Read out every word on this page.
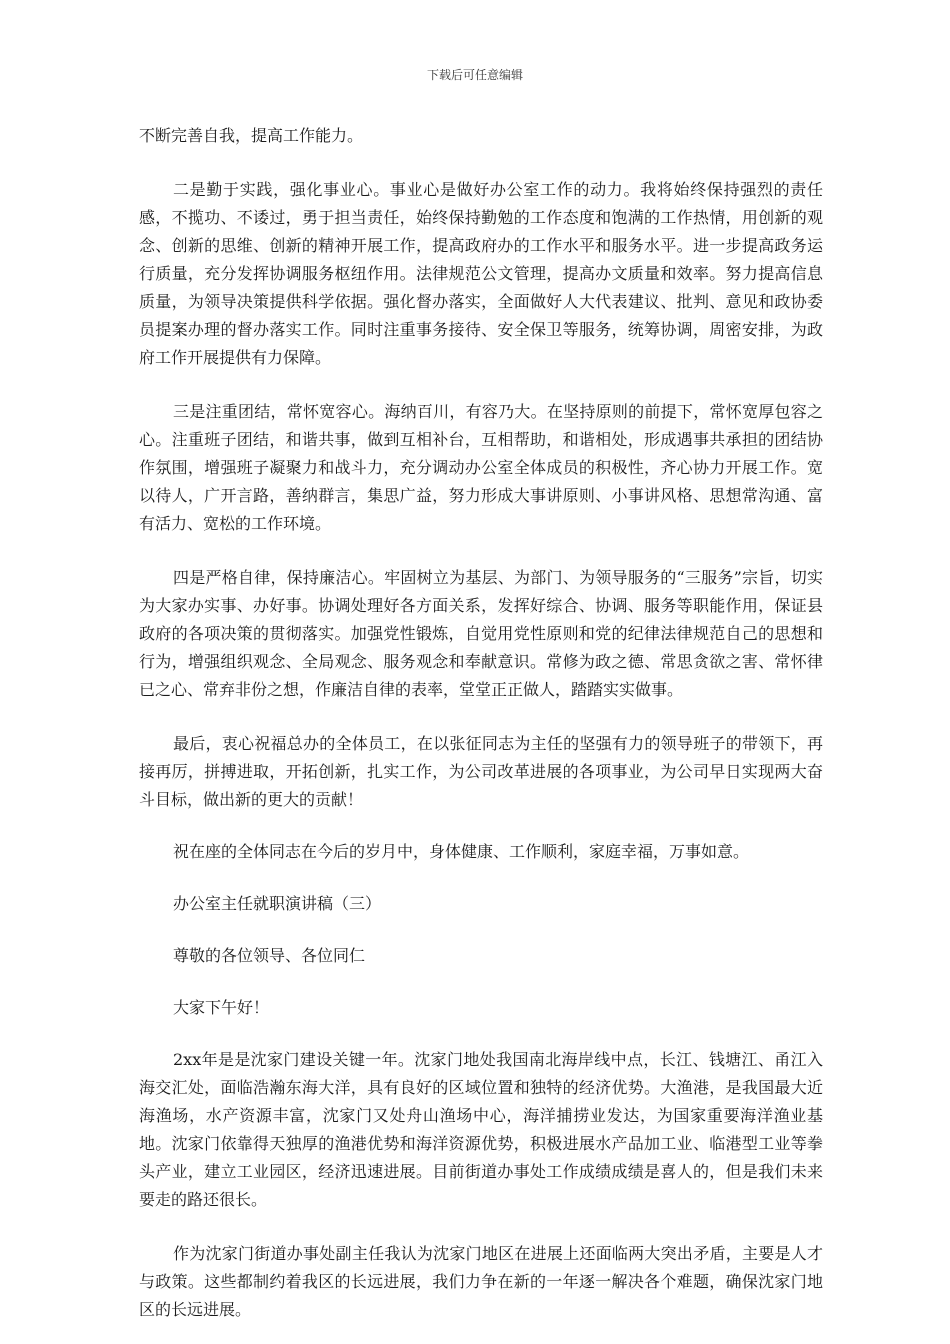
下载后可任意编辑

不断完善自我，提高工作能力。

二是勤于实践，强化事业心。事业心是做好办公室工作的动力。我将始终保持强烈的责任感，不揽功、不诿过，勇于担当责任，始终保持勤勉的工作态度和饱满的工作热情，用创新的观念、创新的思维、创新的精神开展工作，提高政府办的工作水平和服务水平。进一步提高政务运行质量，充分发挥协调服务枢纽作用。法律规范公文管理，提高办文质量和效率。努力提高信息质量，为领导决策提供科学依据。强化督办落实，全面做好人大代表建议、批判、意见和政协委员提案办理的督办落实工作。同时注重事务接待、安全保卫等服务，统筹协调，周密安排，为政府工作开展提供有力保障。

三是注重团结，常怀宽容心。海纳百川，有容乃大。在坚持原则的前提下，常怀宽厚包容之心。注重班子团结，和谐共事，做到互相补台，互相帮助，和谐相处，形成遇事共承担的团结协作氛围，增强班子凝聚力和战斗力，充分调动办公室全体成员的积极性，齐心协力开展工作。宽以待人，广开言路，善纳群言，集思广益，努力形成大事讲原则、小事讲风格、思想常沟通、富有活力、宽松的工作环境。

四是严格自律，保持廉洁心。牢固树立为基层、为部门、为领导服务的“三服务”宗旨，切实为大家办实事、办好事。协调处理好各方面关系，发挥好综合、协调、服务等职能作用，保证县政府的各项决策的贯彻落实。加强党性锻炼，自觉用党性原则和党的纪律法律规范自己的思想和行为，增强组织观念、全局观念、服务观念和奉献意识。常修为政之德、常思贪欲之害、常怀律已之心、常弃非份之想，作廉洁自律的表率，堂堂正正做人，踏踏实实做事。

最后，衷心祝福总办的全体员工，在以张征同志为主任的坚强有力的领导班子的带领下，再接再厉，拼搏进取，开拓创新，扎实工作，为公司改革进展的各项事业，为公司早日实现两大奋斗目标，做出新的更大的贡献！

祝在座的全体同志在今后的岁月中，身体健康、工作顺利，家庭幸福，万事如意。

办公室主任就职演讲稿（三）

尊敬的各位领导、各位同仁

大家下午好！

2xx年是是沈家门建设关键一年。沈家门地处我国南北海岸线中点，长江、钱塘江、甬江入海交汇处，面临浩瀚东海大洋，具有良好的区域位置和独特的经济优势。大渔港，是我国最大近海渔场，水产资源丰富，沈家门又处舟山渔场中心，海洋捕捞业发达，为国家重要海洋渔业基地。沈家门依靠得天独厚的渔港优势和海洋资源优势，积极进展水产品加工业、临港型工业等拳头产业，建立工业园区，经济迅速进展。目前街道办事处工作成绩成绩是喜人的，但是我们未来要走的路还很长。

作为沈家门街道办事处副主任我认为沈家门地区在进展上还面临两大突出矛盾，主要是人才与政策。这些都制约着我区的长远进展，我们力争在新的一年逐一解决各个难题，确保沈家门地区的长远进展。
